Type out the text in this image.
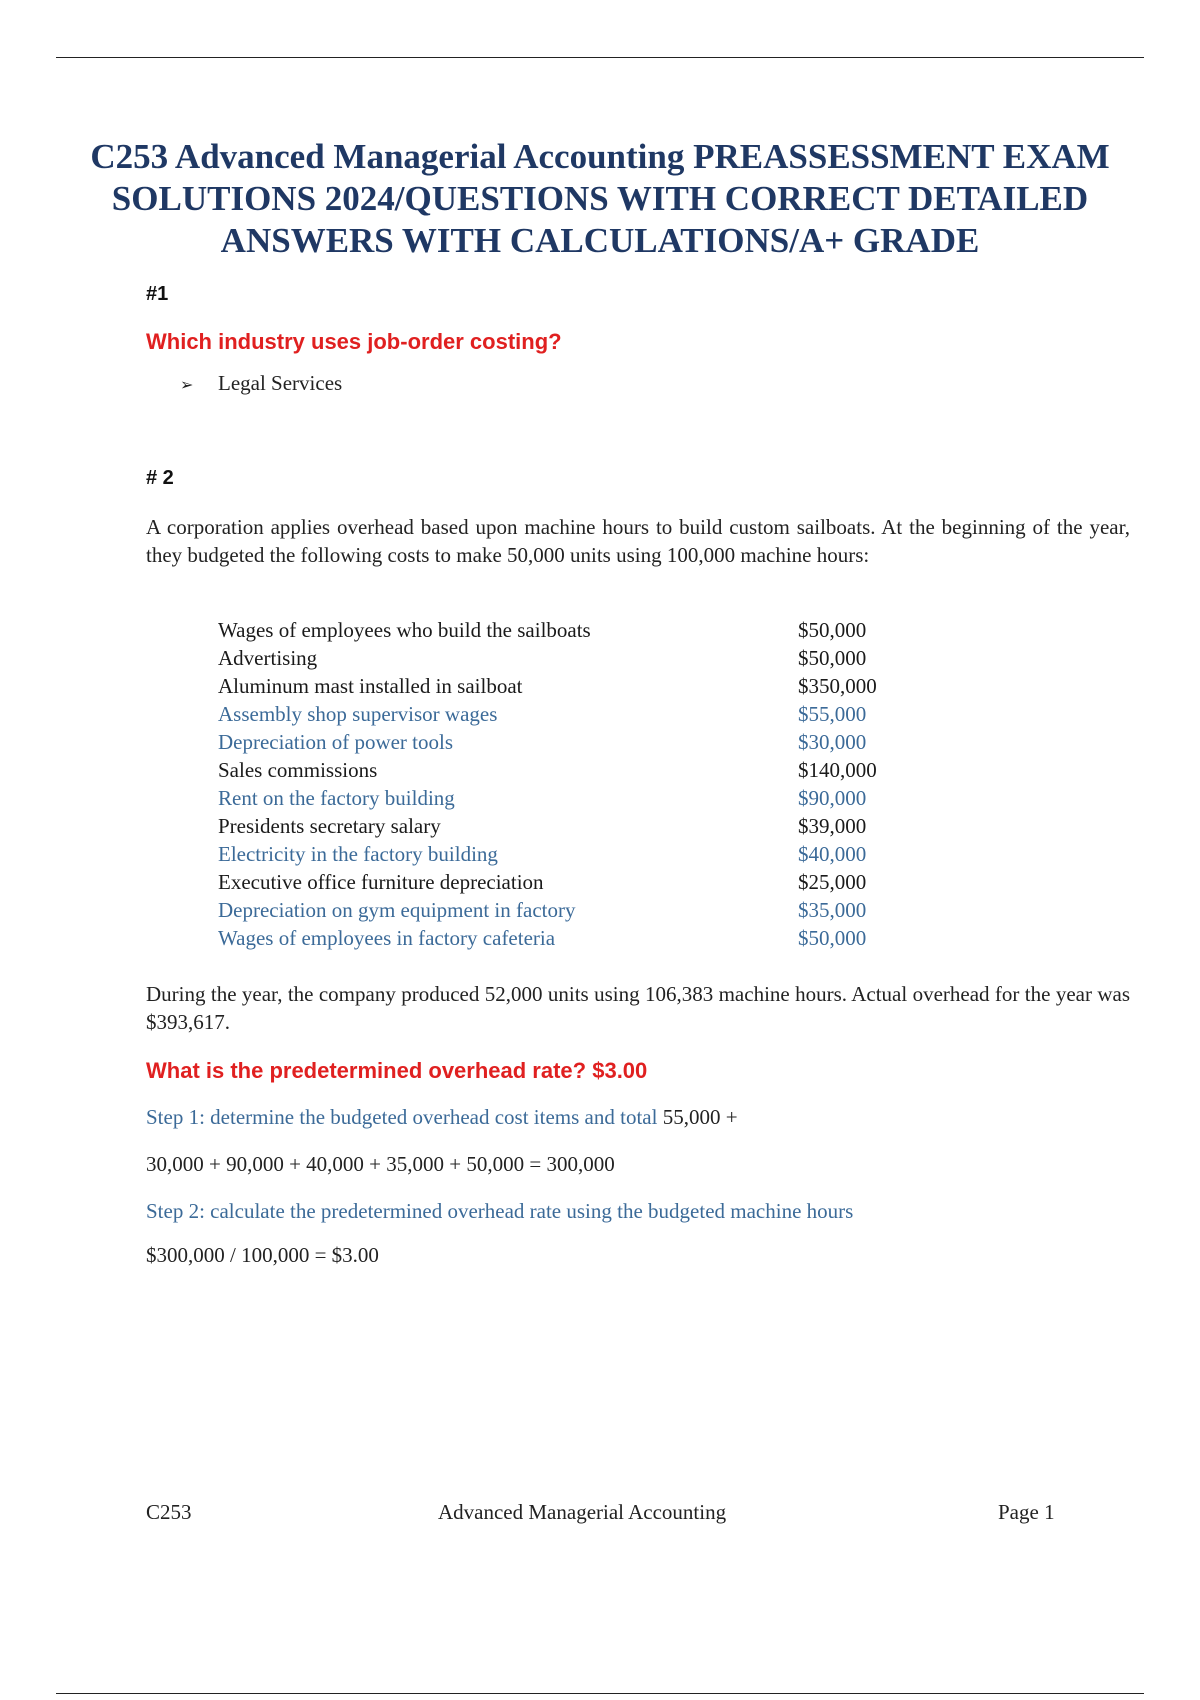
C253 Advanced Managerial Accounting PREASSESSMENT EXAM
SOLUTIONS 2024/QUESTIONS WITH CORRECT DETAILED
ANSWERS WITH CALCULATIONS/A+ GRADE
#1
Which industry uses job-order costing?
➢ Legal Services
# 2

A corporation applies overhead based upon machine hours to build custom sailboats. At the beginning of the year, they budgeted the following costs to make 50,000 units using 100,000 machine hours:

Wages of employees who build the sailboats	$50,000
Advertising	$50,000
Aluminum mast installed in sailboat	$350,000
Assembly shop supervisor wages	$55,000
Depreciation of power tools	$30,000
Sales commissions	$140,000
Rent on the factory building	$90,000
Presidents secretary salary	$39,000
Electricity in the factory building	$40,000
Executive office furniture depreciation	$25,000
Depreciation on gym equipment in factory	$35,000
Wages of employees in factory cafeteria	$50,000

During the year, the company produced 52,000 units using 106,383 machine hours. Actual overhead for the year was $393,617.

What is the predetermined overhead rate? $3.00
Step 1: determine the budgeted overhead cost items and total 55,000 +
30,000 + 90,000 + 40,000 + 35,000 + 50,000 = 300,000
Step 2: calculate the predetermined overhead rate using the budgeted machine hours
$300,000 / 100,000 = $3.00
C253	Advanced Managerial Accounting	Page 1
